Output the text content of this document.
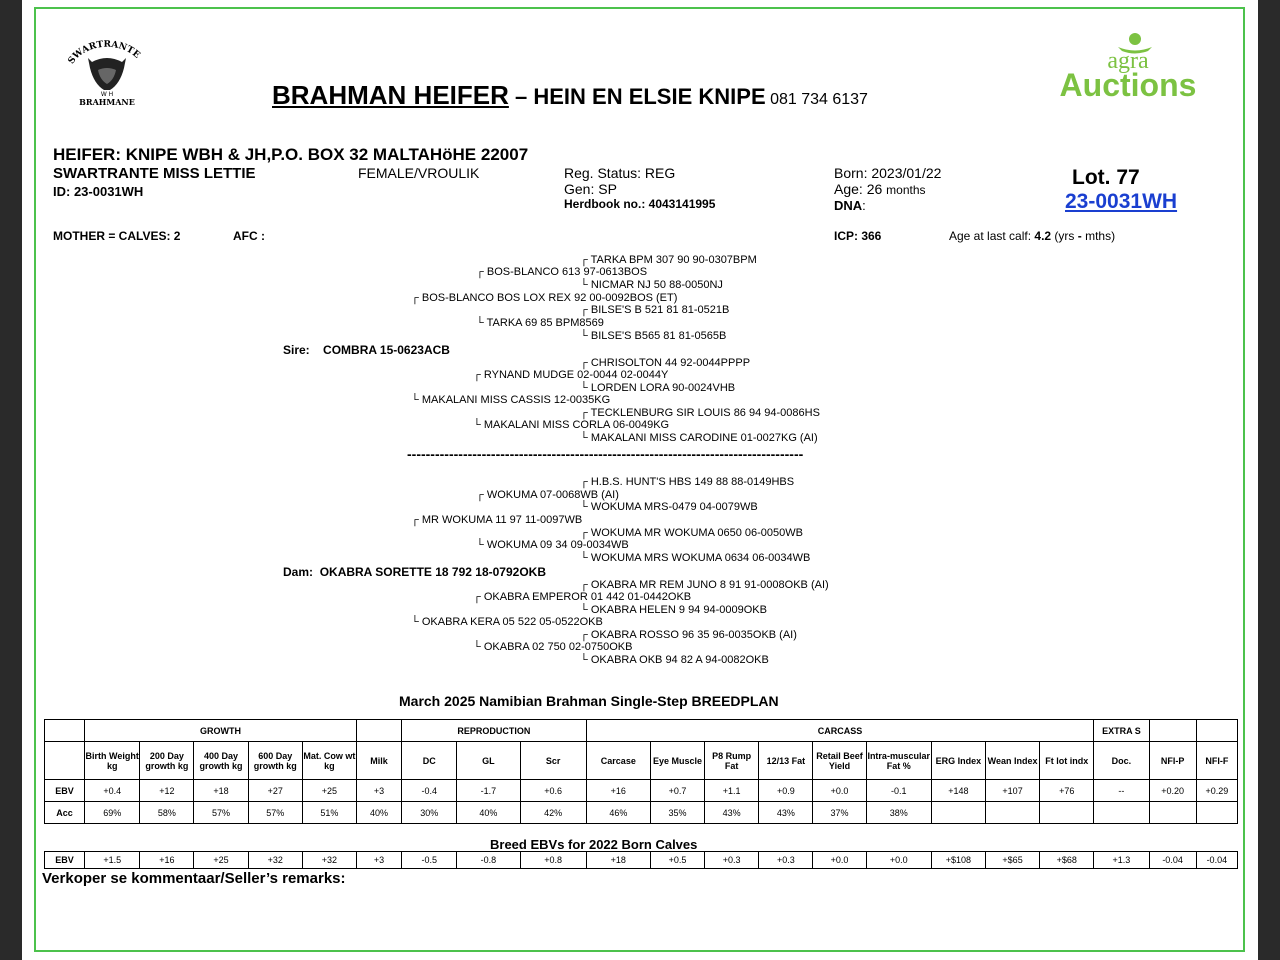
SWARTRANTE
W H
BRAHMANE
agra
Auctions
BRAHMAN HEIFER – HEIN EN ELSIE KNIPE 081 734 6137
HEIFER: KNIPE WBH & JH,P.O. BOX 32 MALTAHöHE 22007
SWARTRANTE MISS LETTIE
ID: 23-0031WH
FEMALE/VROULIK	Reg. Status: REG
Gen: SP
Herdbook no.: 4043141995
Born: 2023/01/22
Age: 26 months
DNA:
Lot. 77
23-0031WH
MOTHER = CALVES: 2	AFC :	ICP: 366	Age at last calf: 4.2 (yrs - mths)
┌ TARKA BPM 307 90 90-0307BPM
┌ BOS-BLANCO 613 97-0613BOS
└ NICMAR NJ 50 88-0050NJ
┌ BOS-BLANCO BOS LOX REX 92 00-0092BOS (ET)
┌ BILSE'S B 521 81 81-0521B
└ TARKA 69 85 BPM8569
└ BILSE'S B565 81 81-0565B
Sire: COMBRA 15-0623ACB
┌ CHRISOLTON 44 92-0044PPPP
┌ RYNAND MUDGE 02-0044 02-0044Y
└ LORDEN LORA 90-0024VHB
└ MAKALANI MISS CASSIS 12-0035KG
┌ TECKLENBURG SIR LOUIS 86 94 94-0086HS
└ MAKALANI MISS CORLA 06-0049KG
└ MAKALANI MISS CARODINE 01-0027KG (AI)
-------------------------------------------------------------------------------------
┌ H.B.S. HUNT'S HBS 149 88 88-0149HBS
┌ WOKUMA 07-0068WB (AI)
└ WOKUMA MRS-0479 04-0079WB
┌ MR WOKUMA 11 97 11-0097WB
┌ WOKUMA MR WOKUMA 0650 06-0050WB
└ WOKUMA 09 34 09-0034WB
└ WOKUMA MRS WOKUMA 0634 06-0034WB
Dam: OKABRA SORETTE 18 792 18-0792OKB
┌ OKABRA MR REM JUNO 8 91 91-0008OKB (AI)
┌ OKABRA EMPEROR 01 442 01-0442OKB
└ OKABRA HELEN 9 94 94-0009OKB
└ OKABRA KERA 05 522 05-0522OKB
┌ OKABRA ROSSO 96 35 96-0035OKB (AI)
└ OKABRA 02 750 02-0750OKB
└ OKABRA OKB 94 82 A 94-0082OKB
March 2025 Namibian Brahman Single-Step BREEDPLAN
	GROWTH						REPRODUCTION			CARCASS									EXTRA S		
	Birth Weight kg	200 Day growth kg	400 Day growth kg	600 Day growth kg	Mat. Cow wt kg	Milk	DC	GL	Scr	Carcase	Eye Muscle	P8 Rump Fat	12/13 Fat	Retail Beef Yield	Intra-muscular Fat %	ERG Index	Wean Index	Ft lot indx	Doc.	NFI-P	NFI-F
EBV	+0.4	+12	+18	+27	+25	+3	-0.4	-1.7	+0.6	+16	+0.7	+1.1	+0.9	+0.0	-0.1	+148	+107	+76	--	+0.20	+0.29
Acc	69%	58%	57%	57%	51%	40%	30%	40%	42%	46%	35%	43%	43%	37%	38%						
Breed EBVs for 2022 Born Calves
EBV	+1.5	+16	+25	+32	+32	+3	-0.5	-0.8	+0.8	+18	+0.5	+0.3	+0.3	+0.0	+0.0	+$108	+$65	+$68	+1.3	-0.04	-0.04
Verkoper se kommentaar/Seller’s remarks:
